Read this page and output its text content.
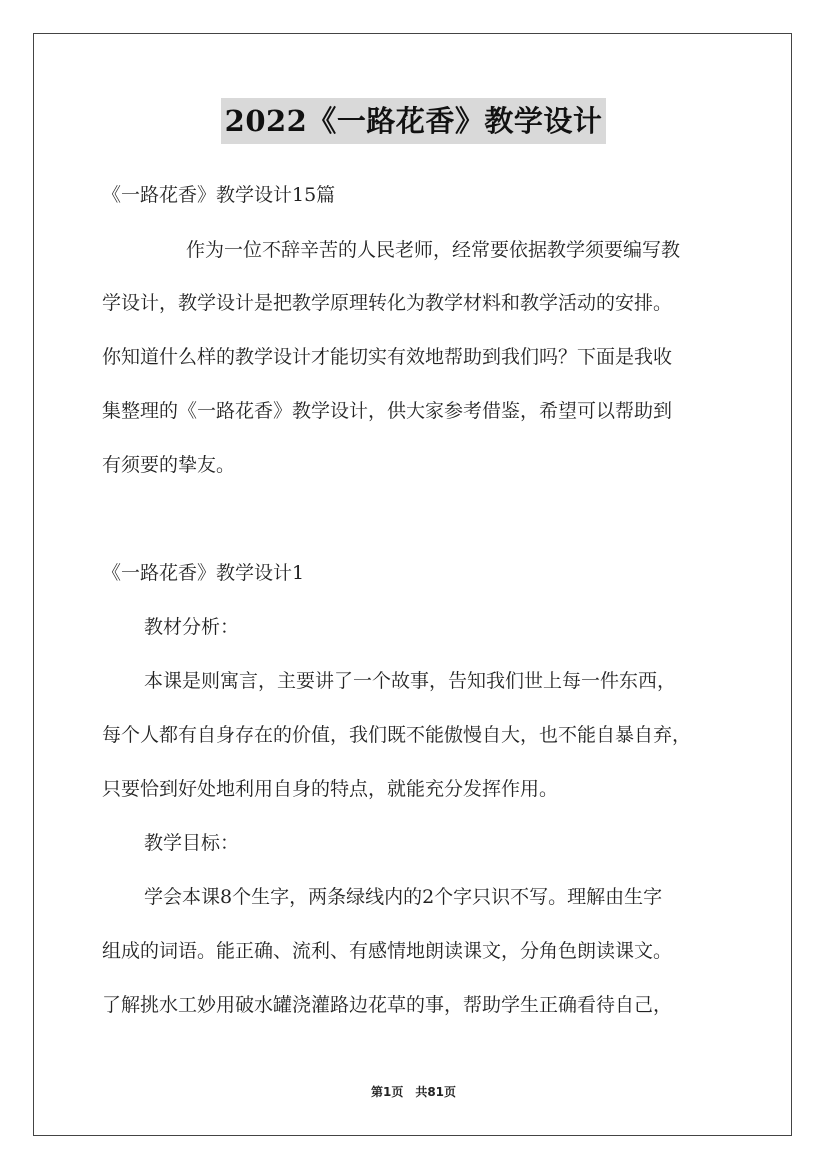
2022《一路花香》教学设计
《一路花香》教学设计15篇
作为一位不辞辛苦的人民老师，经常要依据教学须要编写教
学设计，教学设计是把教学原理转化为教学材料和教学活动的安排。
你知道什么样的教学设计才能切实有效地帮助到我们吗？下面是我收
集整理的《一路花香》教学设计，供大家参考借鉴，希望可以帮助到
有须要的挚友。
《一路花香》教学设计1
教材分析：
本课是则寓言，主要讲了一个故事，告知我们世上每一件东西，
每个人都有自身存在的价值，我们既不能傲慢自大，也不能自暴自弃，
只要恰到好处地利用自身的特点，就能充分发挥作用。
教学目标：
学会本课8个生字，两条绿线内的2个字只识不写。理解由生字
组成的词语。能正确、流利、有感情地朗读课文，分角色朗读课文。
了解挑水工妙用破水罐浇灌路边花草的事，帮助学生正确看待自己，
第1页　共81页
